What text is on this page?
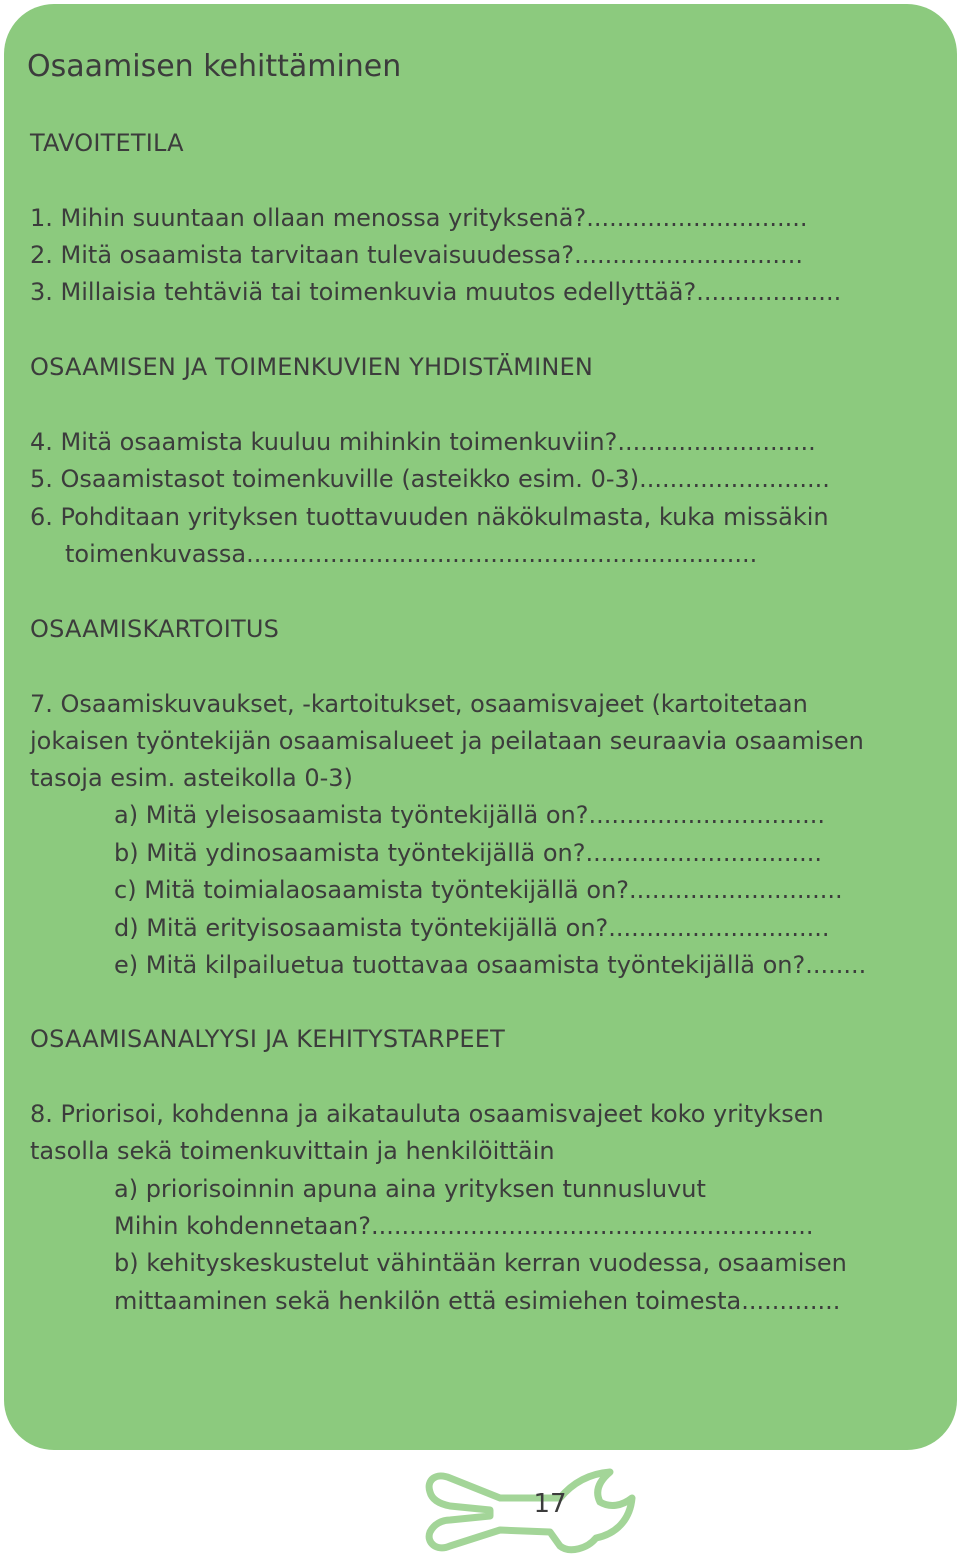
Osaamisen kehittäminen
TAVOITETILA
1. Mihin suuntaan ollaan menossa yrityksenä?.............................
2. Mitä osaamista tarvitaan tulevaisuudessa?..............................
3. Millaisia tehtäviä tai toimenkuvia muutos edellyttää?...................
OSAAMISEN JA TOIMENKUVIEN YHDISTÄMINEN
4. Mitä osaamista kuuluu mihinkin toimenkuviin?..........................
5. Osaamistasot toimenkuville (asteikko esim. 0-3).........................
6. Pohditaan yrityksen tuottavuuden näkökulmasta, kuka missäkin
toimenkuvassa...................................................................
OSAAMISKARTOITUS
7. Osaamiskuvaukset, -kartoitukset, osaamisvajeet (kartoitetaan
jokaisen työntekijän osaamisalueet ja peilataan seuraavia osaamisen
tasoja esim. asteikolla 0-3)
a) Mitä yleisosaamista työntekijällä on?...............................
b) Mitä ydinosaamista työntekijällä on?...............................
c) Mitä toimialaosaamista työntekijällä on?............................
d) Mitä erityisosaamista työntekijällä on?.............................
e) Mitä kilpailuetua tuottavaa osaamista työntekijällä on?........
OSAAMISANALYYSI JA KEHITYSTARPEET
8. Priorisoi, kohdenna ja aikatauluta osaamisvajeet koko yrityksen
tasolla sekä toimenkuvittain ja henkilöittäin
a) priorisoinnin apuna aina yrityksen tunnusluvut
Mihin kohdennetaan?..........................................................
b) kehityskeskustelut vähintään kerran vuodessa, osaamisen
mittaaminen sekä henkilön että esimiehen toimesta.............
17
